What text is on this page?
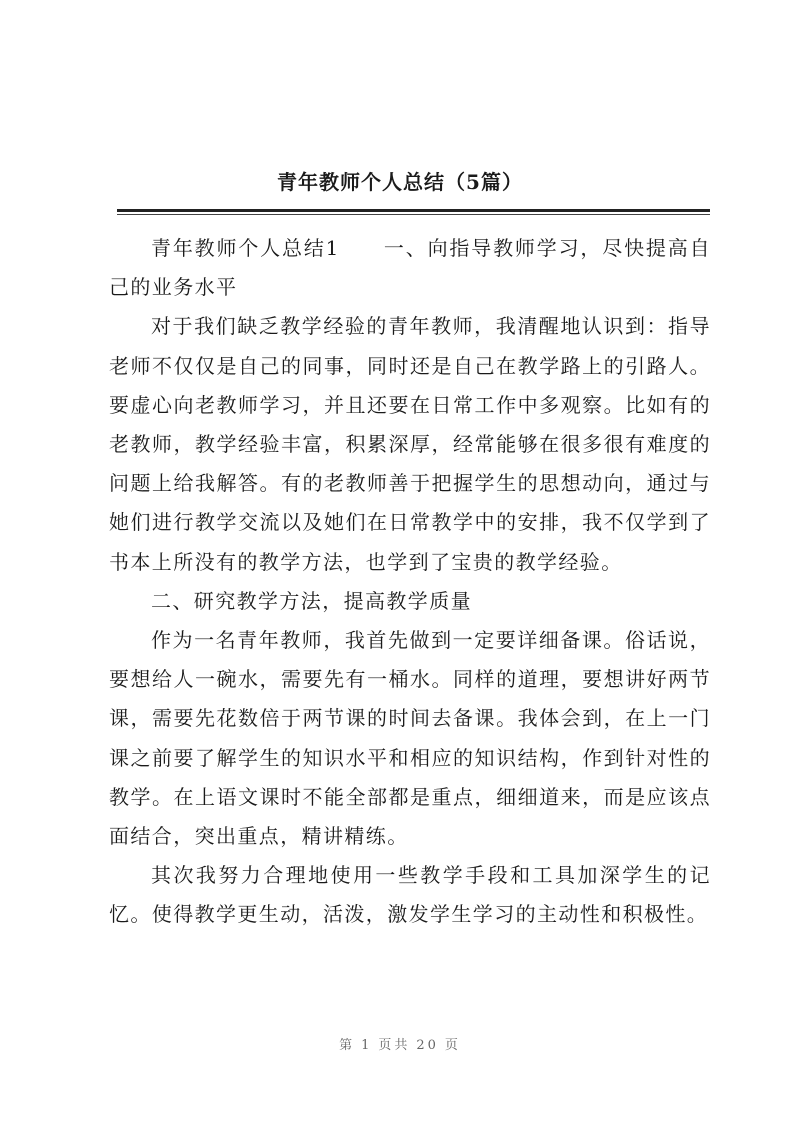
青年教师个人总结（5篇）

青年教师个人总结1　　一、向指导教师学习，尽快提高自己的业务水平

对于我们缺乏教学经验的青年教师，我清醒地认识到：指导老师不仅仅是自己的同事，同时还是自己在教学路上的引路人。要虚心向老教师学习，并且还要在日常工作中多观察。比如有的老教师，教学经验丰富，积累深厚，经常能够在很多很有难度的问题上给我解答。有的老教师善于把握学生的思想动向，通过与她们进行教学交流以及她们在日常教学中的安排，我不仅学到了书本上所没有的教学方法，也学到了宝贵的教学经验。

二、研究教学方法，提高教学质量

作为一名青年教师，我首先做到一定要详细备课。俗话说，要想给人一碗水，需要先有一桶水。同样的道理，要想讲好两节课，需要先花数倍于两节课的时间去备课。我体会到，在上一门课之前要了解学生的知识水平和相应的知识结构，作到针对性的教学。在上语文课时不能全部都是重点，细细道来，而是应该点面结合，突出重点，精讲精练。

其次我努力合理地使用一些教学手段和工具加深学生的记忆。使得教学更生动，活泼，激发学生学习的主动性和积极性。

第 1 页共 20 页
